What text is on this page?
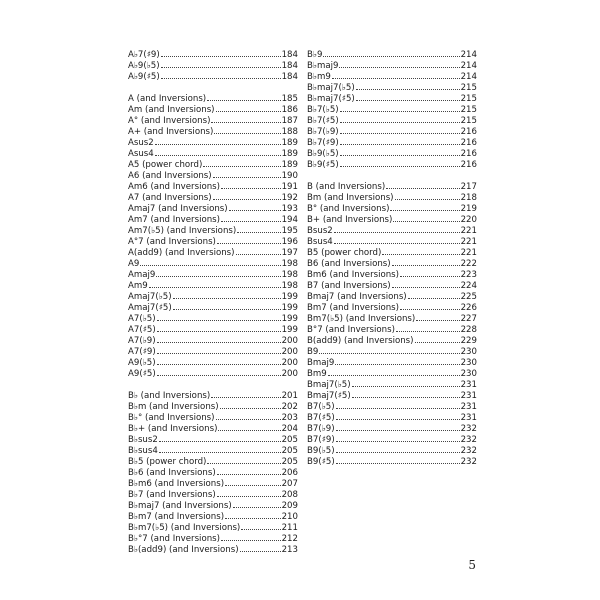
A♭7(♯9)	184
A♭9(♭5)	184
A♭9(♯5)	184
A (and Inversions)	185
Am (and Inversions)	186
A° (and Inversions)	187
A+ (and Inversions)	188
Asus2	189
Asus4	189
A5 (power chord)	189
A6 (and Inversions)	190
Am6 (and Inversions)	191
A7 (and Inversions)	192
Amaj7 (and Inversions)	193
Am7 (and Inversions)	194
Am7(♭5) (and Inversions)	195
A°7 (and Inversions)	196
A(add9) (and Inversions)	197
A9	198
Amaj9	198
Am9	198
Amaj7(♭5)	199
Amaj7(♯5)	199
A7(♭5)	199
A7(♯5)	199
A7(♭9)	200
A7(♯9)	200
A9(♭5)	200
A9(♯5)	200
B♭ (and Inversions)	201
B♭m (and Inversions)	202
B♭° (and Inversions)	203
B♭+ (and Inversions)	204
B♭sus2	205
B♭sus4	205
B♭5 (power chord)	205
B♭6 (and Inversions)	206
B♭m6 (and Inversions)	207
B♭7 (and Inversions)	208
B♭maj7 (and Inversions)	209
B♭m7 (and Inversions)	210
B♭m7(♭5) (and Inversions)	211
B♭°7 (and Inversions)	212
B♭(add9) (and Inversions)	213
B♭9	214
B♭maj9	214
B♭m9	214
B♭maj7(♭5)	215
B♭maj7(♯5)	215
B♭7(♭5)	215
B♭7(♯5)	215
B♭7(♭9)	216
B♭7(♯9)	216
B♭9(♭5)	216
B♭9(♯5)	216
B (and Inversions)	217
Bm (and Inversions)	218
B° (and Inversions)	219
B+ (and Inversions)	220
Bsus2	221
Bsus4	221
B5 (power chord)	221
B6 (and Inversions)	222
Bm6 (and Inversions)	223
B7 (and Inversions)	224
Bmaj7 (and Inversions)	225
Bm7 (and Inversions)	226
Bm7(♭5) (and Inversions)	227
B°7 (and Inversions)	228
B(add9) (and Inversions)	229
B9	230
Bmaj9	230
Bm9	230
Bmaj7(♭5)	231
Bmaj7(♯5)	231
B7(♭5)	231
B7(♯5)	231
B7(♭9)	232
B7(♯9)	232
B9(♭5)	232
B9(♯5)	232
5
